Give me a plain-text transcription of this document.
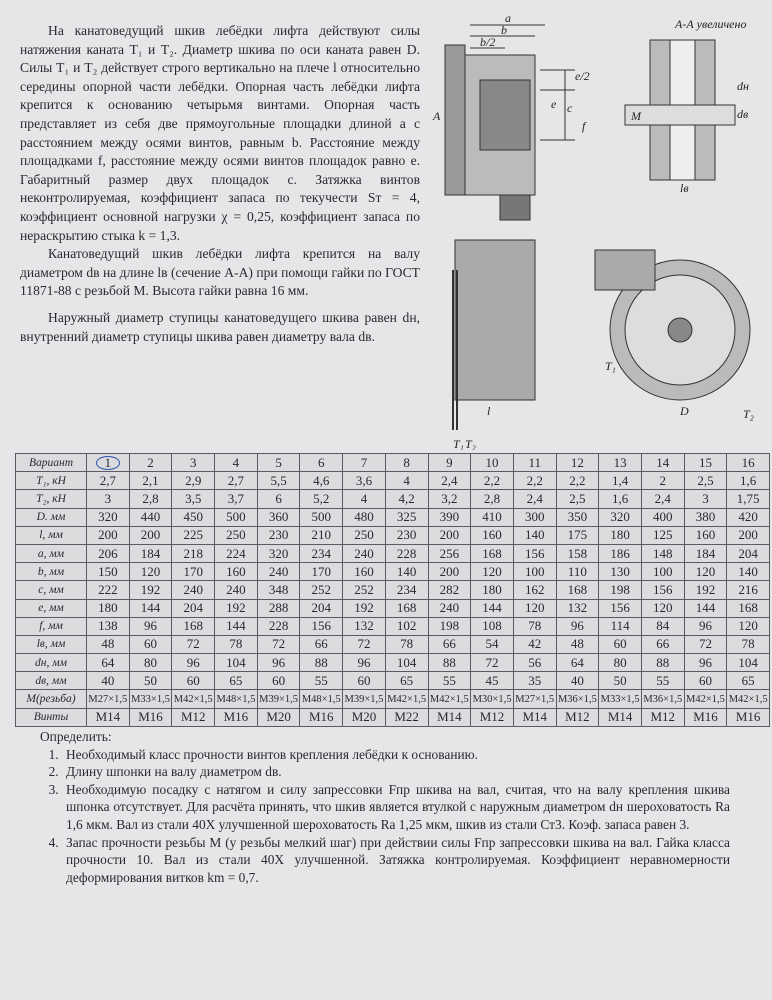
На канатоведущий шкив лебёдки лифта действуют силы натяжения каната T₁ и T₂. Диаметр шкива по оси каната равен D. Силы T₁ и T₂ действует строго вертикально на плече l относительно середины опорной части лебёдки. Опорная часть лебёдки лифта крепится к основанию четырьмя винтами. Опорная часть представляет из себя две прямоугольные площадки длиной a с расстоянием между осями винтов, равным b. Расстояние между площадками f, расстояние между осями винтов площадок равно e. Габаритный размер двух площадок c. Затяжка винтов неконтролируемая, коэффициент запаса по текучести Sт = 4, коэффициент основной нагрузки χ = 0,25, коэффициент запаса по нераскрытию стыка k = 1,3.

Канатоведущий шкив лебёдки лифта крепится на валу диаметром dв на длине lв (сечение А-А) при помощи гайки по ГОСТ 11871-88 с резьбой M. Высота гайки равна 16 мм.

Наружный диаметр ступицы канатоведущего шкива равен dн, внутренний диаметр ступицы шкива равен диаметру вала dв.

a
b
b/2
e/2
e c
f
А
А-А увеличено
dн
dв
M
lв
T₁ T₂
l
T₁
T₂
D
Вариант	1	2	3	4	5	6	7	8	9	10	11	12	13	14	15	16
T₁, кН	2,7	2,1	2,9	2,7	5,5	4,6	3,6	4	2,4	2,2	2,2	2,2	1,4	2	2,5	1,6
T₂, кН	3	2,8	3,5	3,7	6	5,2	4	4,2	3,2	2,8	2,4	2,5	1,6	2,4	3	1,75
D. мм	320	440	450	500	360	500	480	325	390	410	300	350	320	400	380	420
l, мм	200	200	225	250	230	210	250	230	200	160	140	175	180	125	160	200
a, мм	206	184	218	224	320	234	240	228	256	168	156	158	186	148	184	204
b, мм	150	120	170	160	240	170	160	140	200	120	100	110	130	100	120	140
c, мм	222	192	240	240	348	252	252	234	282	180	162	168	198	156	192	216
e, мм	180	144	204	192	288	204	192	168	240	144	120	132	156	120	144	168
f, мм	138	96	168	144	228	156	132	102	198	108	78	96	114	84	96	120
lв, мм	48	60	72	78	72	66	72	78	66	54	42	48	60	66	72	78
dн, мм	64	80	96	104	96	88	96	104	88	72	56	64	80	88	96	104
dв, мм	40	50	60	65	60	55	60	65	55	45	35	40	50	55	60	65
M(резьба)	M27×1,5	M33×1,5	M42×1,5	M48×1,5	M39×1,5	M48×1,5	M39×1,5	M42×1,5	M42×1,5	M30×1,5	M27×1,5	M36×1,5	M33×1,5	M36×1,5	M42×1,5	M42×1,5
Винты	M14	M16	M12	M16	M20	M16	M20	M22	M14	M12	M14	M12	M14	M12	M16	M16
Определить:
1. Необходимый класс прочности винтов крепления лебёдки к основанию.
2. Длину шпонки на валу диаметром dв.
3. Необходимую посадку с натягом и силу запрессовки Fпр шкива на вал, считая, что на валу крепления шкива шпонка отсутствует. Для расчёта принять, что шкив является втулкой с наружным диаметром dн шероховатость Ra 1,6 мкм. Вал из стали 40Х улучшенной шероховатость Ra 1,25 мкм, шкив из стали Ст3. Коэф. запаса равен 3.
4. Запас прочности резьбы M (у резьбы мелкий шаг) при действии силы Fпр запрессовки шкива на вал. Гайка класса прочности 10. Вал из стали 40Х улучшенной. Затяжка контролируемая. Коэффициент неравномерности деформирования витков km = 0,7.
